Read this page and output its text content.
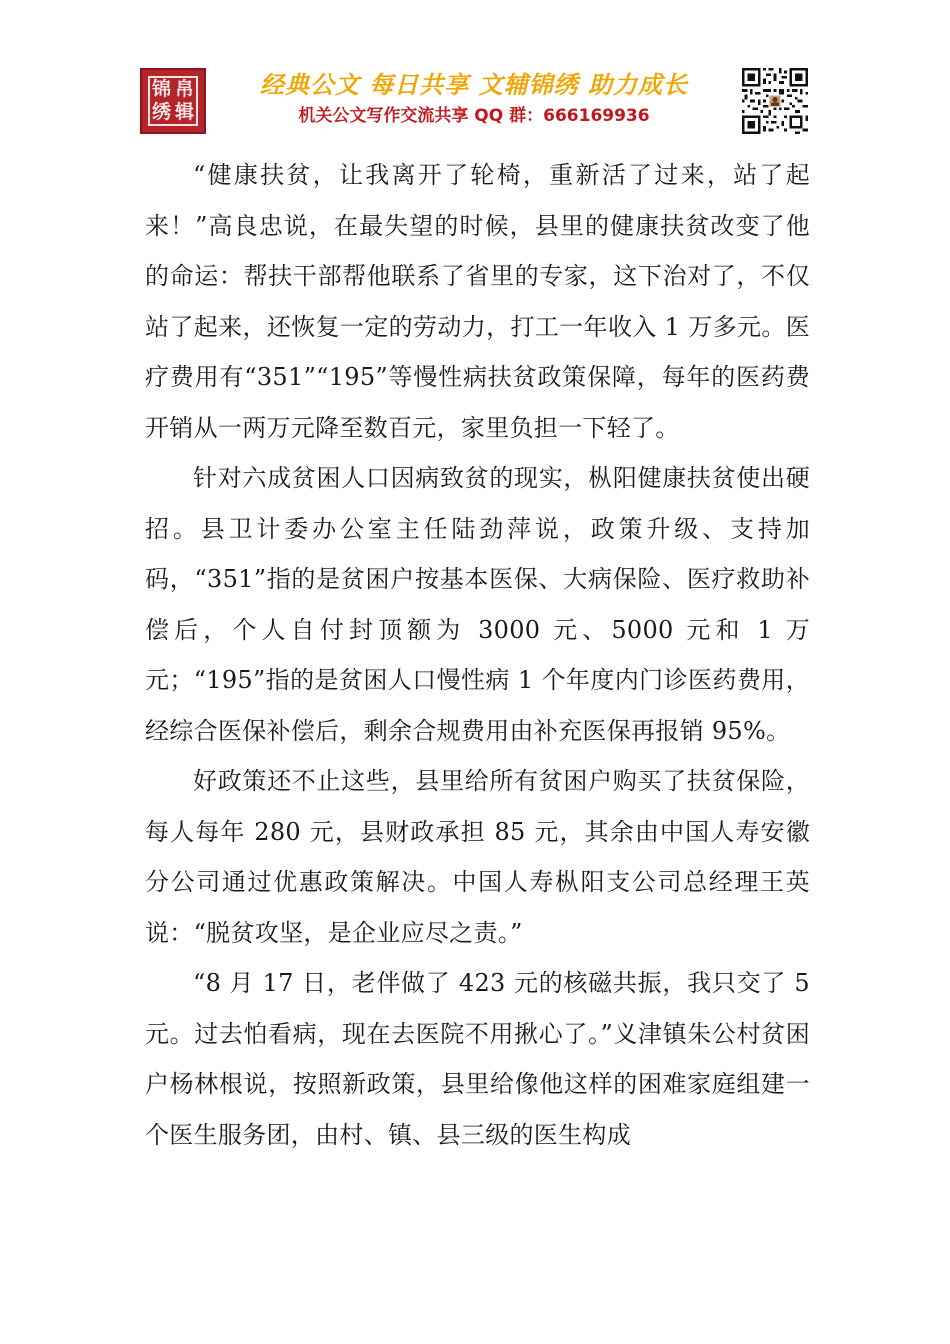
锦 帛
绣 辑
经典公文 每日共享 文辅锦绣 助力成长
机关公文写作交流共享 QQ 群：666169936

“健康扶贫，让我离开了轮椅，重新活了过来，站了起来！”高良忠说，在最失望的时候，县里的健康扶贫改变了他的命运：帮扶干部帮他联系了省里的专家，这下治对了，不仅站了起来，还恢复一定的劳动力，打工一年收入 1 万多元。医疗费用有“351”“195”等慢性病扶贫政策保障，每年的医药费开销从一两万元降至数百元，家里负担一下轻了。

针对六成贫困人口因病致贫的现实，枞阳健康扶贫使出硬招。县卫计委办公室主任陆劲萍说，政策升级、支持加码，“351”指的是贫困户按基本医保、大病保险、医疗救助补偿后，个人自付封顶额为 3000 元、5000 元和 1 万元；“195”指的是贫困人口慢性病 1 个年度内门诊医药费用，经综合医保补偿后，剩余合规费用由补充医保再报销 95%。

好政策还不止这些，县里给所有贫困户购买了扶贫保险，每人每年 280 元，县财政承担 85 元，其余由中国人寿安徽分公司通过优惠政策解决。中国人寿枞阳支公司总经理王英说：“脱贫攻坚，是企业应尽之责。”

“8 月 17 日，老伴做了 423 元的核磁共振，我只交了 5 元。过去怕看病，现在去医院不用揪心了。”义津镇朱公村贫困户杨林根说，按照新政策，县里给像他这样的困难家庭组建一个医生服务团，由村、镇、县三级的医生构成
